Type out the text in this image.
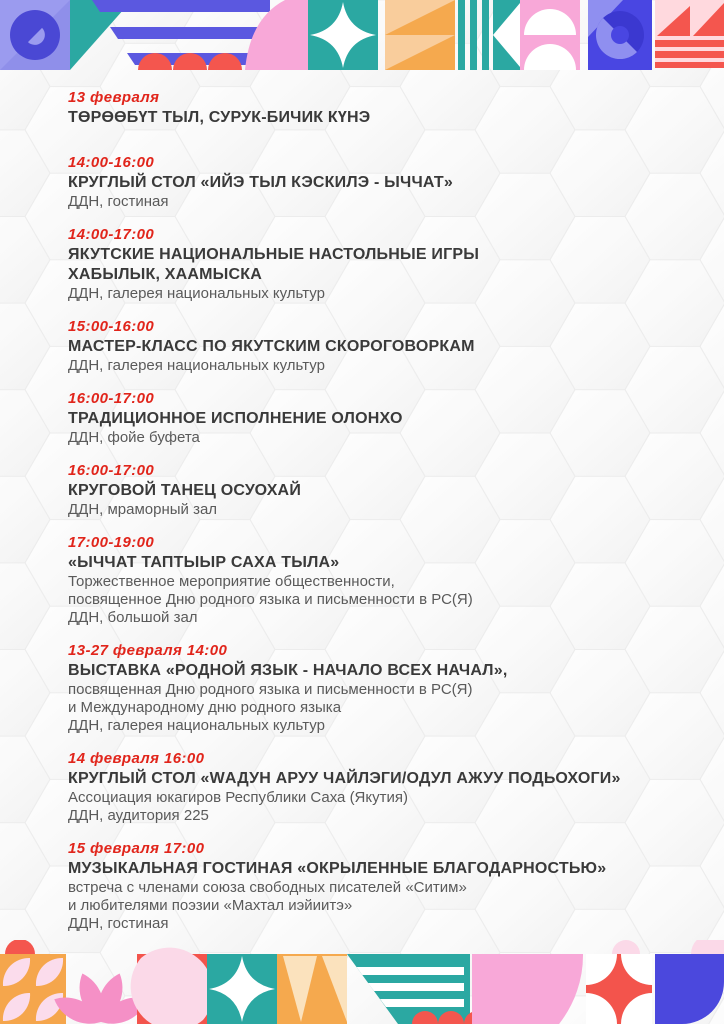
13 февраля
ТӨРӨӨБҮТ ТЫЛ, СУРУК-БИЧИК КҮНЭ
14:00-16:00
КРУГЛЫЙ СТОЛ «ИЙЭ ТЫЛ КЭСКИЛЭ - ЫЧЧАТ»
ДДН, гостиная
14:00-17:00
ЯКУТСКИЕ НАЦИОНАЛЬНЫЕ НАСТОЛЬНЫЕ ИГРЫ
ХАБЫЛЫК, ХААМЫСКА
ДДН, галерея национальных культур
15:00-16:00
МАСТЕР-КЛАСС ПО ЯКУТСКИМ СКОРОГОВОРКАМ
ДДН, галерея национальных культур
16:00-17:00
ТРАДИЦИОННОЕ ИСПОЛНЕНИЕ ОЛОНХО
ДДН, фойе буфета
16:00-17:00
КРУГОВОЙ ТАНЕЦ ОСУОХАЙ
ДДН, мраморный зал
17:00-19:00
«ЫЧЧАТ ТАПТЫЫР САХА ТЫЛА»
Торжественное мероприятие общественности,
посвященное Дню родного языка и письменности в РС(Я)
ДДН, большой зал
13-27 февраля 14:00
ВЫСТАВКА «РОДНОЙ ЯЗЫК - НАЧАЛО ВСЕХ НАЧАЛ»,
посвященная Дню родного языка и письменности в РС(Я)
и Международному дню родного языка
ДДН, галерея национальных культур
14 февраля 16:00
КРУГЛЫЙ СТОЛ «WАДУН АРУУ ЧАЙЛЭГИ/ОДУЛ АЖУУ ПОДЬОХОГИ»
Ассоциация юкагиров Республики Саха (Якутия)
ДДН, аудитория 225
15 февраля 17:00
МУЗЫКАЛЬНАЯ ГОСТИНАЯ «ОКРЫЛЕННЫЕ БЛАГОДАРНОСТЬЮ»
встреча с членами союза свободных писателей «Ситим»
и любителями поэзии «Махтал иэйиитэ»
ДДН, гостиная
